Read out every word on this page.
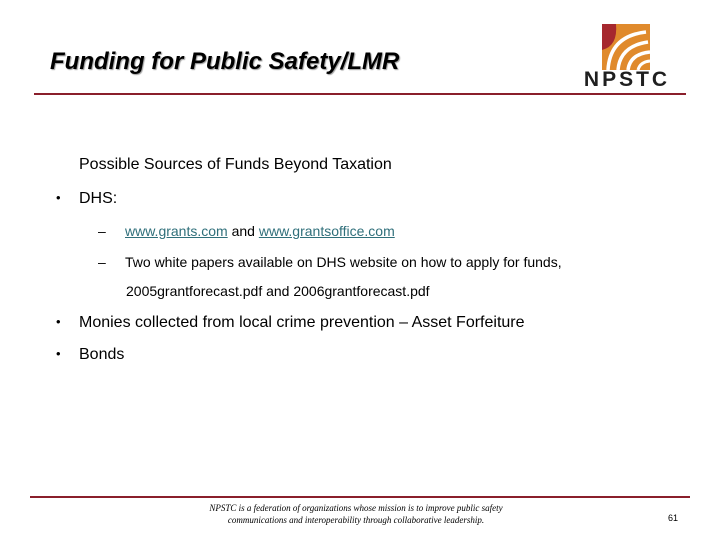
Funding for Public Safety/LMR
NPSTC
Possible Sources of Funds Beyond Taxation
• DHS:
– www.grants.com and www.grantsoffice.com
– Two white papers available on DHS website on how to apply for funds,
2005grantforecast.pdf and 2006grantforecast.pdf
• Monies collected from local crime prevention – Asset Forfeiture
• Bonds
NPSTC is a federation of organizations whose mission is to improve public safety
communications and interoperability through collaborative leadership.	61
